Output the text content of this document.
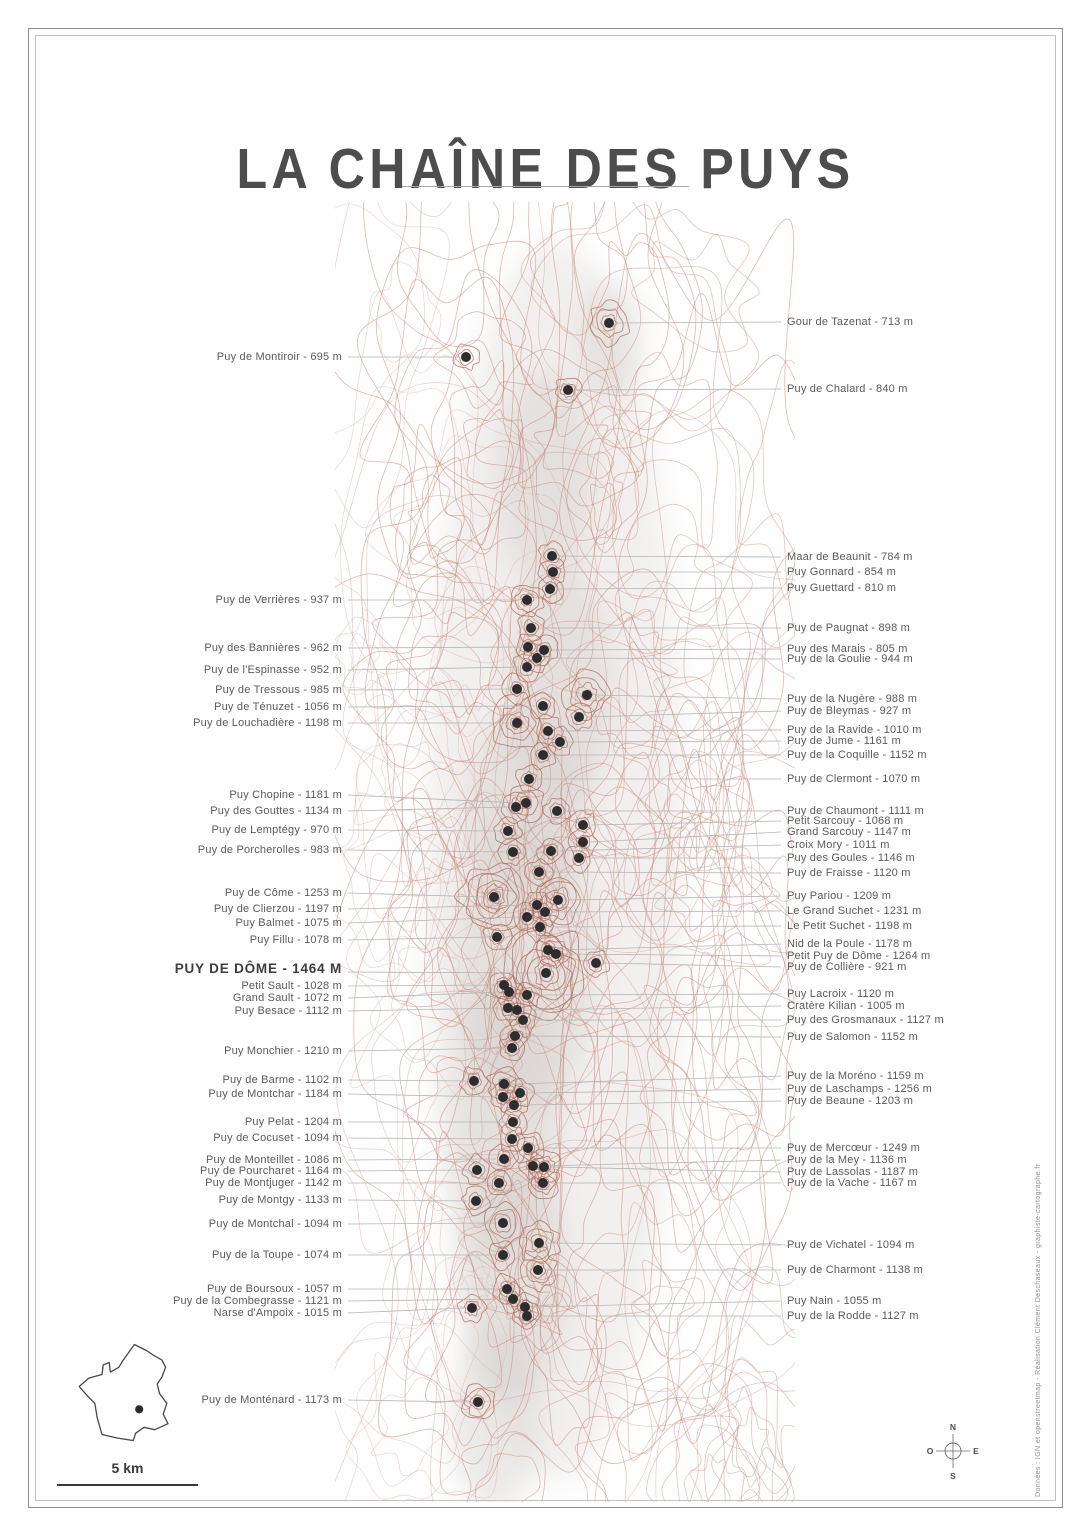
LA CHAÎNE DES PUYS
Puy de Montiroir - 695 m
Puy de Verrières - 937 m
Puy des Bannières - 962 m
Puy de l'Espinasse - 952 m
Puy de Tressous - 985 m
Puy de Ténuzet - 1056 m
Puy de Louchadière - 1198 m
Puy Chopine - 1181 m
Puy des Gouttes - 1134 m
Puy de Lemptégy - 970 m
Puy de Porcherolles - 983 m
Puy de Côme - 1253 m
Puy de Clierzou - 1197 m
Puy Balmet - 1075 m
Puy Fillu - 1078 m
PUY DE DÔME - 1464 M
Petit Sault - 1028 m
Grand Sault - 1072 m
Puy Besace - 1112 m
Puy Monchier - 1210 m
Puy de Barme - 1102 m
Puy de Montchar - 1184 m
Puy Pelat - 1204 m
Puy de Cocuset - 1094 m
Puy de Monteillet - 1086 m
Puy de Pourcharet - 1164 m
Puy de Montjuger - 1142 m
Puy de Montgy - 1133 m
Puy de Montchal - 1094 m
Puy de la Toupe - 1074 m
Puy de Boursoux - 1057 m
Puy de la Combegrasse - 1121 m
Narse d'Ampoix - 1015 m
Puy de Monténard - 1173 m
Gour de Tazenat - 713 m
Puy de Chalard - 840 m
Maar de Beaunit - 784 m
Puy Gonnard - 854 m
Puy Guettard - 810 m
Puy de Paugnat - 898 m
Puy des Marais - 805 m
Puy de la Goulie - 944 m
Puy de la Nugère - 988 m
Puy de Bleymas - 927 m
Puy de la Ravide - 1010 m
Puy de Jume - 1161 m
Puy de la Coquille - 1152 m
Puy de Clermont - 1070 m
Puy de Chaumont - 1111 m
Petit Sarcouy - 1068 m
Grand Sarcouy - 1147 m
Croix Mory - 1011 m
Puy des Goules - 1146 m
Puy de Fraisse - 1120 m
Puy Pariou - 1209 m
Le Grand Suchet - 1231 m
Le Petit Suchet - 1198 m
Nid de la Poule - 1178 m
Petit Puy de Dôme - 1264 m
Puy de Collière - 921 m
Puy Lacroix - 1120 m
Cratère Kilian - 1005 m
Puy des Grosmanaux - 1127 m
Puy de Salomon - 1152 m
Puy de la Moréno - 1159 m
Puy de Laschamps - 1256 m
Puy de Beaune - 1203 m
Puy de Mercœur - 1249 m
Puy de la Mey - 1136 m
Puy de Lassolas - 1187 m
Puy de la Vache - 1167 m
Puy de Vichatel - 1094 m
Puy de Charmont - 1138 m
Puy Nain - 1055 m
Puy de la Rodde - 1127 m
5 km
N
S
E
O	Données : IGN et openstreetmap - Réalisation Clément Deschaseaux - graphiste-cartographe.fr
